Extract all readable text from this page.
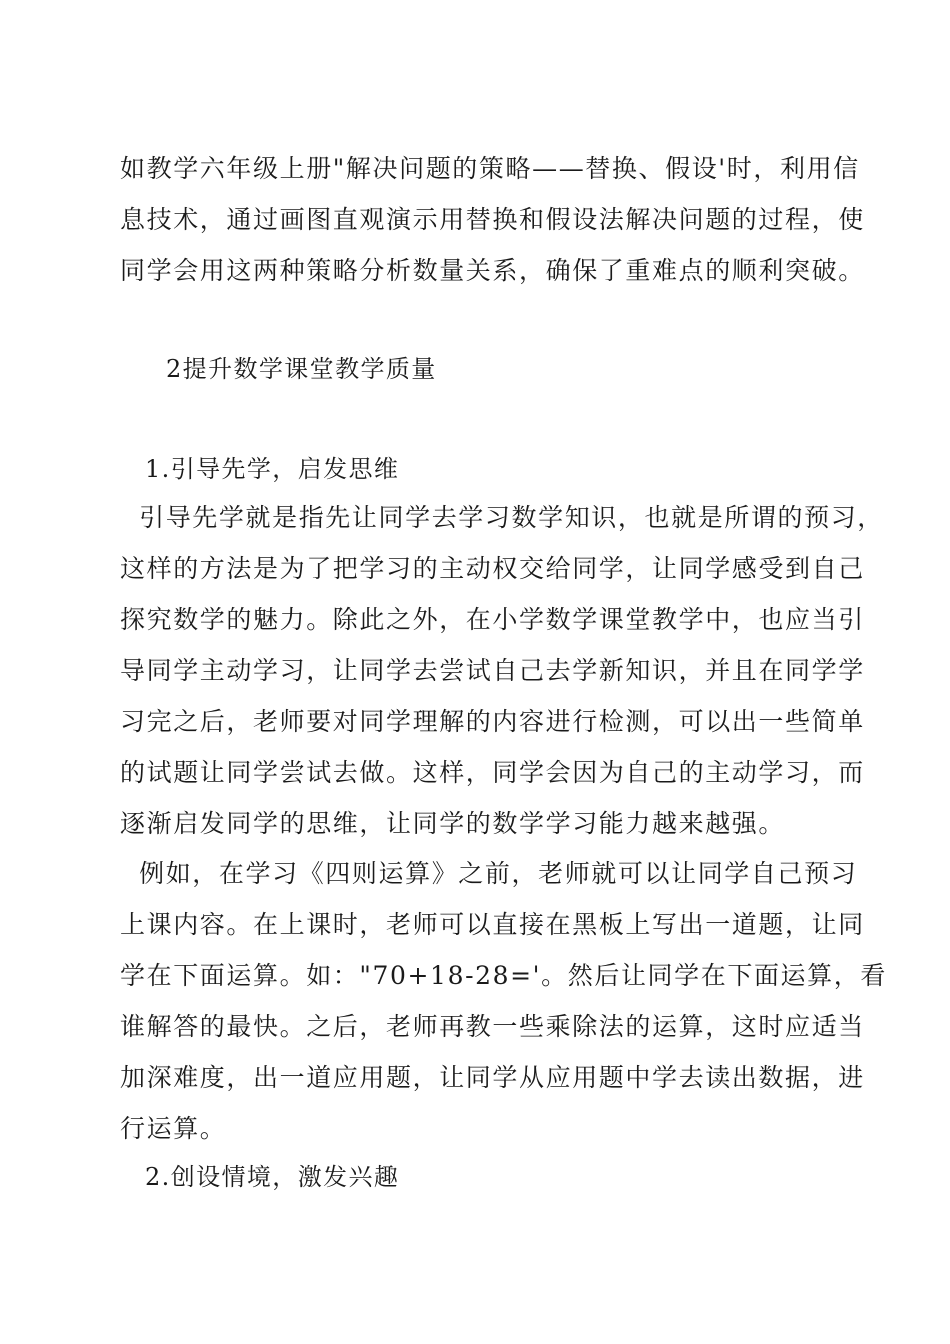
如教学六年级上册"解决问题的策略——替换、假设'时，利用信
息技术，通过画图直观演示用替换和假设法解决问题的过程，使
同学会用这两种策略分析数量关系，确保了重难点的顺利突破。
2提升数学课堂教学质量
1.引导先学，启发思维
引导先学就是指先让同学去学习数学知识，也就是所谓的预习，
这样的方法是为了把学习的主动权交给同学，让同学感受到自己
探究数学的魅力。除此之外，在小学数学课堂教学中，也应当引
导同学主动学习，让同学去尝试自己去学新知识，并且在同学学
习完之后，老师要对同学理解的内容进行检测，可以出一些简单
的试题让同学尝试去做。这样，同学会因为自己的主动学习，而
逐渐启发同学的思维，让同学的数学学习能力越来越强。
例如，在学习《四则运算》之前，老师就可以让同学自己预习
上课内容。在上课时，老师可以直接在黑板上写出一道题，让同
学在下面运算。如："70+18-28='。然后让同学在下面运算，看
谁解答的最快。之后，老师再教一些乘除法的运算，这时应适当
加深难度，出一道应用题，让同学从应用题中学去读出数据，进
行运算。
2.创设情境，激发兴趣
